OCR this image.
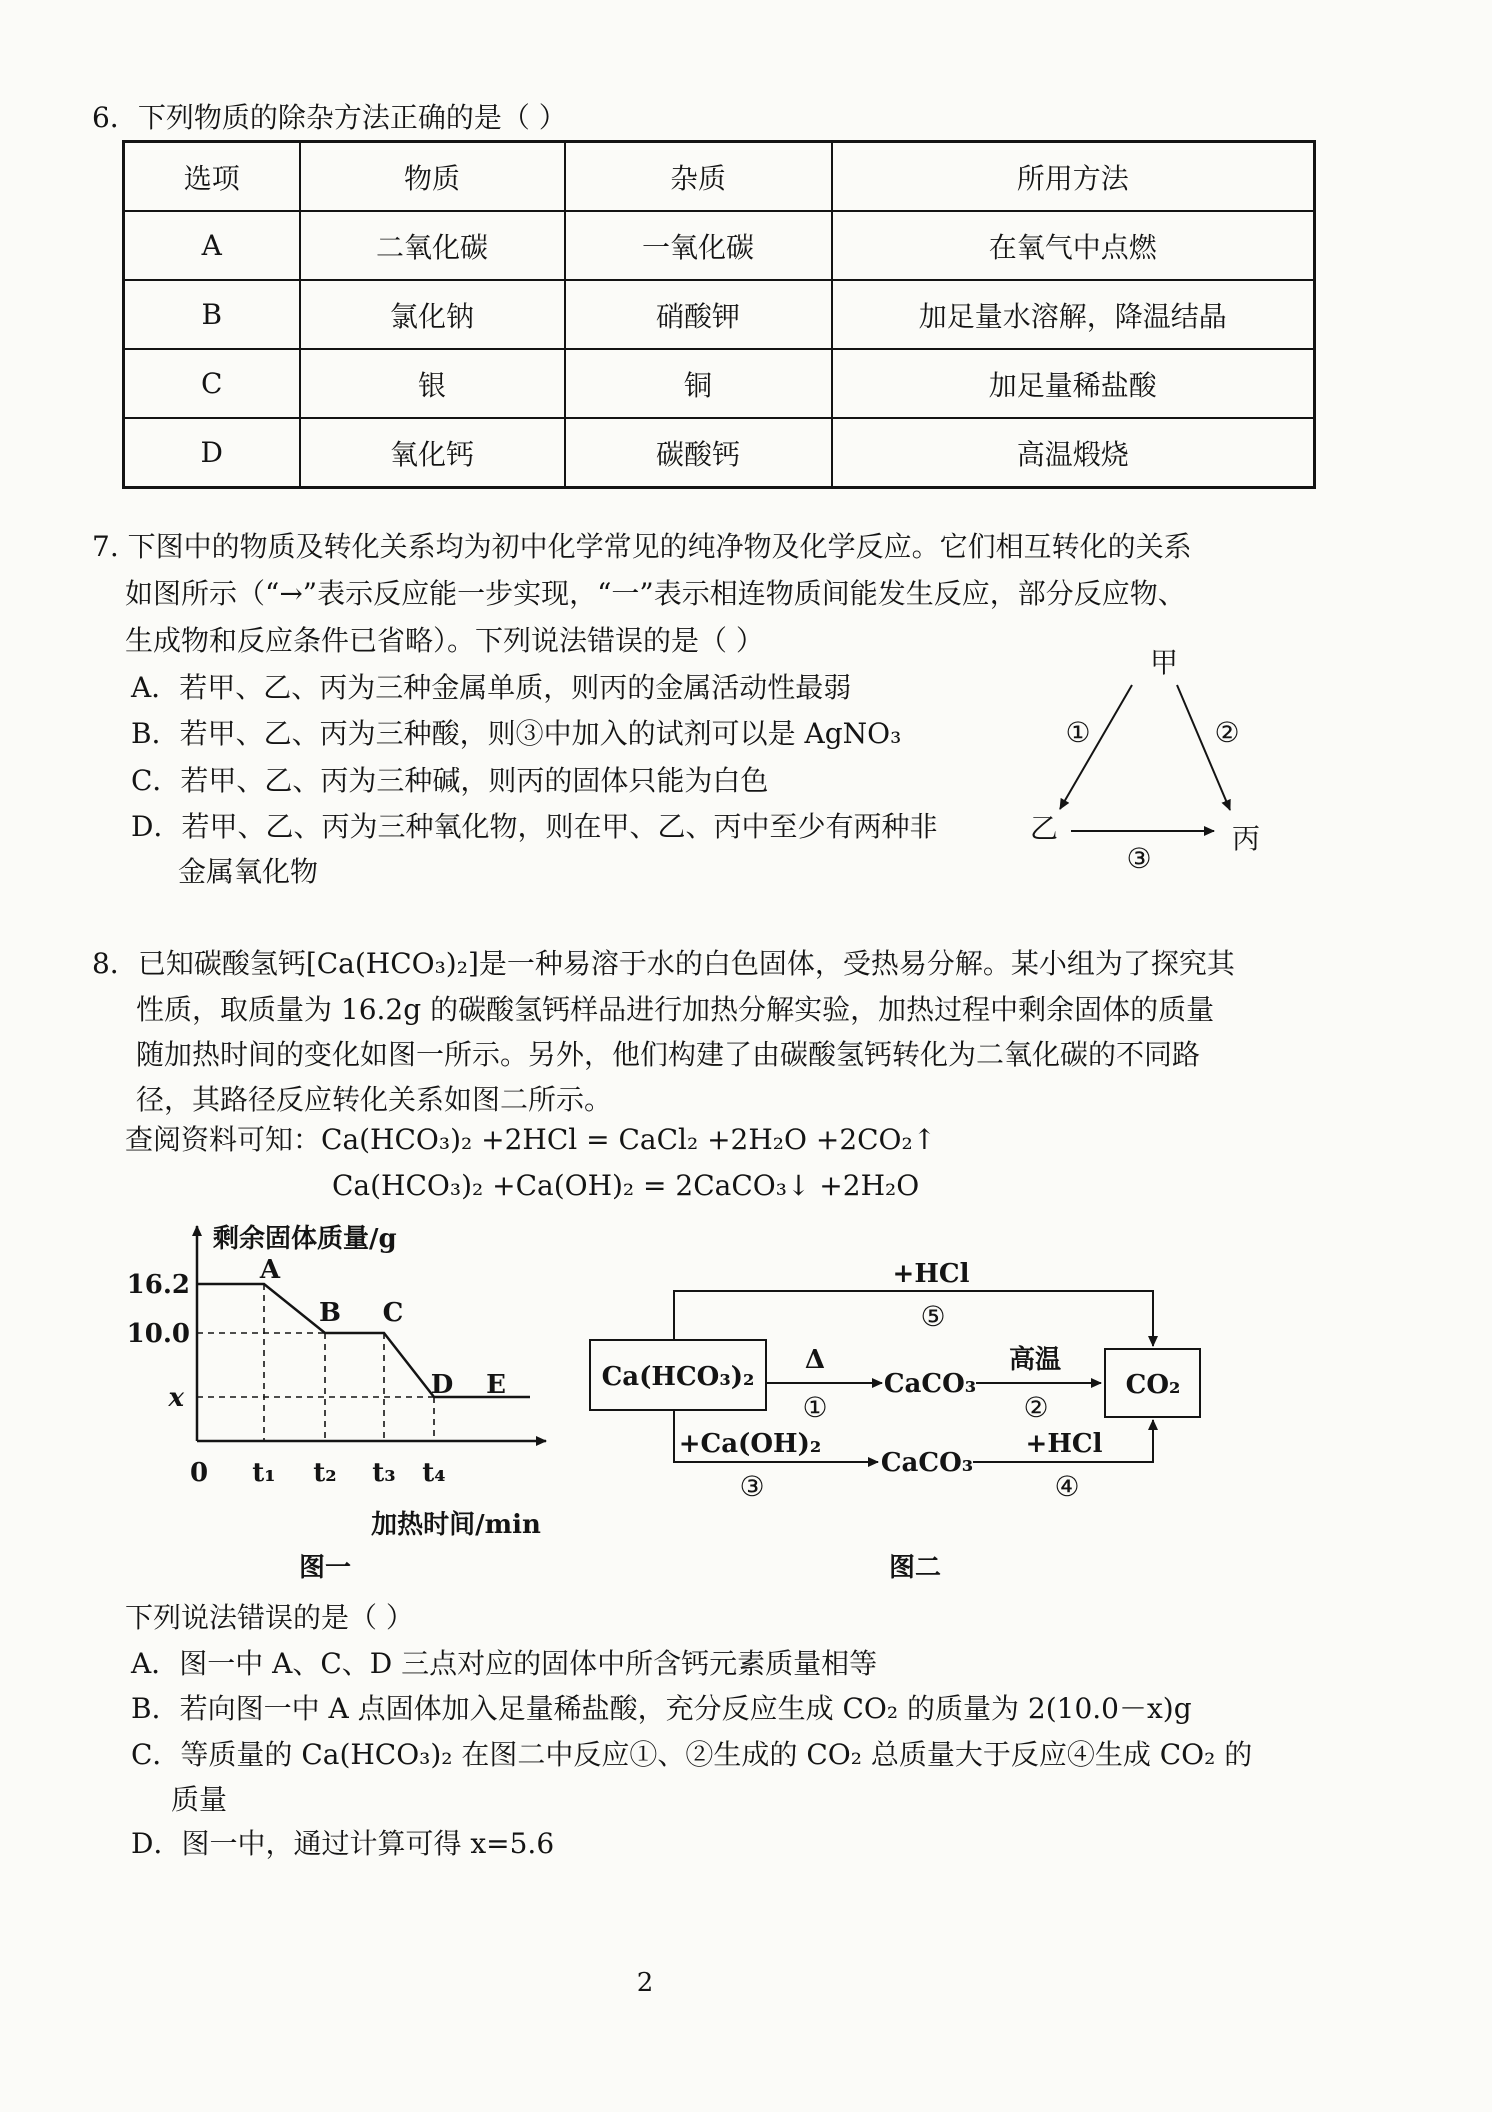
6．下列物质的除杂方法正确的是（ ）
选项	物质	杂质	所用方法
A	二氧化碳	一氧化碳	在氧气中点燃
B	氯化钠	硝酸钾	加足量水溶解，降温结晶
C	银	铜	加足量稀盐酸
D	氧化钙	碳酸钙	高温煅烧
7. 下图中的物质及转化关系均为初中化学常见的纯净物及化学反应。它们相互转化的关系
如图所示（“→”表示反应能一步实现，“一”表示相连物质间能发生反应，部分反应物、
生成物和反应条件已省略）。下列说法错误的是（ ）
A．若甲、乙、丙为三种金属单质，则丙的金属活动性最弱
B．若甲、乙、丙为三种酸，则③中加入的试剂可以是 AgNO₃
C．若甲、乙、丙为三种碱，则丙的固体只能为白色
D．若甲、乙、丙为三种氧化物，则在甲、乙、丙中至少有两种非
金属氧化物
甲
乙	丙
①	②
③
8．已知碳酸氢钙[Ca(HCO₃)₂]是一种易溶于水的白色固体，受热易分解。某小组为了探究其
性质，取质量为 16.2g 的碳酸氢钙样品进行加热分解实验，加热过程中剩余固体的质量
随加热时间的变化如图一所示。另外，他们构建了由碳酸氢钙转化为二氧化碳的不同路
径，其路径反应转化关系如图二所示。
查阅资料可知：Ca(HCO₃)₂ +2HCl = CaCl₂ +2H₂O +2CO₂↑
Ca(HCO₃)₂ +Ca(OH)₂ = 2CaCO₃↓ +2H₂O
剩余固体质量/g
16.2
10.0
x
0 t₁ t₂ t₃ t₄
A
B C
D E
加热时间/min
图一
Ca(HCO₃)₂
+HCl
⑤
Δ
①
CaCO₃
高温
②
CO₂
+Ca(OH)₂
③
CaCO₃
+HCl
④
图二
下列说法错误的是（ ）
A．图一中 A、C、D 三点对应的固体中所含钙元素质量相等
B．若向图一中 A 点固体加入足量稀盐酸，充分反应生成 CO₂ 的质量为 2(10.0－x)g
C．等质量的 Ca(HCO₃)₂ 在图二中反应①、②生成的 CO₂ 总质量大于反应④生成 CO₂ 的
质量
D．图一中，通过计算可得 x=5.6
2
